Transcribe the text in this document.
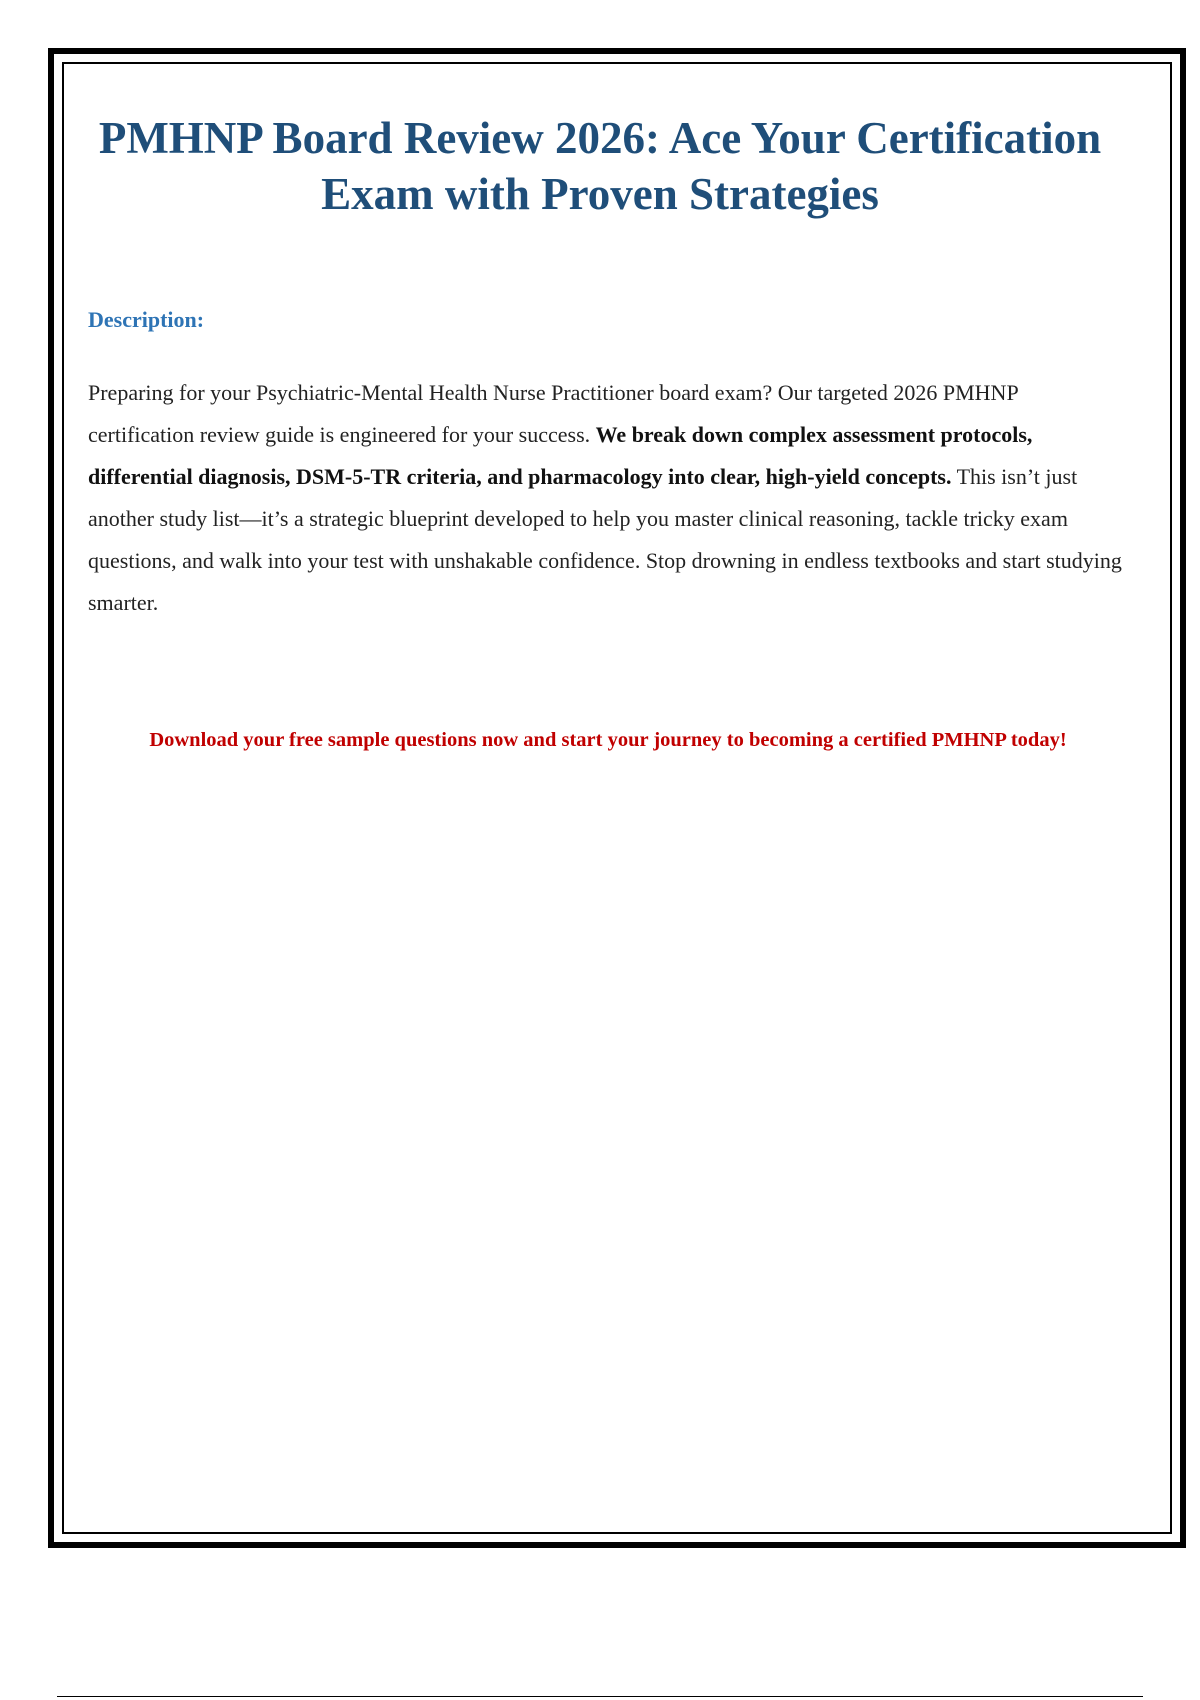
PMHNP Board Review 2026: Ace Your Certification Exam with Proven Strategies

Description:

Preparing for your Psychiatric-Mental Health Nurse Practitioner board exam? Our targeted 2026 PMHNP certification review guide is engineered for your success. We break down complex assessment protocols, differential diagnosis, DSM-5-TR criteria, and pharmacology into clear, high-yield concepts. This isn’t just another study list—it’s a strategic blueprint developed to help you master clinical reasoning, tackle tricky exam questions, and walk into your test with unshakable confidence. Stop drowning in endless textbooks and start studying smarter.

Download your free sample questions now and start your journey to becoming a certified PMHNP today!
